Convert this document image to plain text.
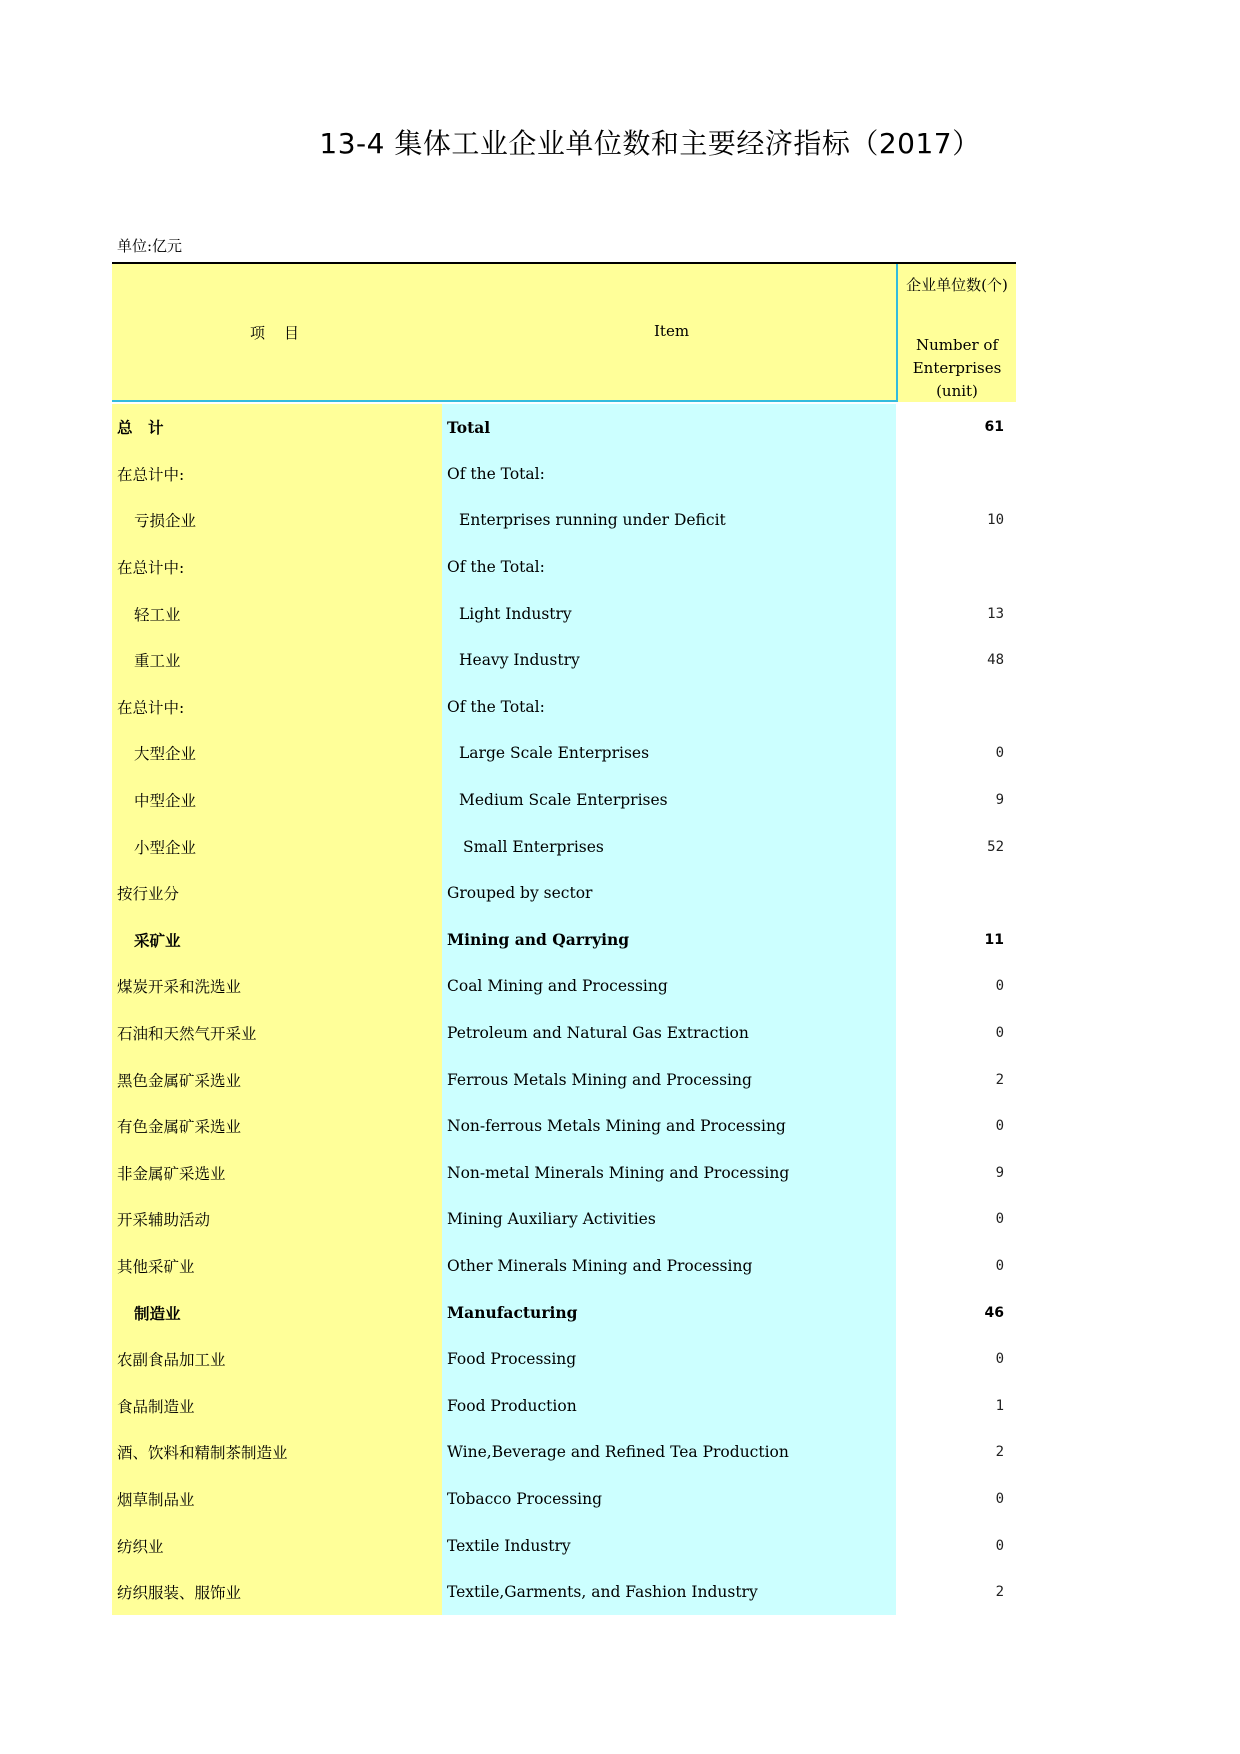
13-4 集体工业企业单位数和主要经济指标（2017）
单位:亿元
项　目	Item
企业单位数(个)
Number of
Enterprises
(unit)
总　计	Total	61
在总计中:	Of the Total:
亏损企业	Enterprises running under Deficit	10
在总计中:	Of the Total:
轻工业	Light Industry	13
重工业	Heavy Industry	48
在总计中:	Of the Total:
大型企业	Large Scale Enterprises	0
中型企业	Medium Scale Enterprises	9
小型企业	Small Enterprises	52
按行业分	Grouped by sector
采矿业	Mining and Qarrying	11
煤炭开采和洗选业	Coal Mining and Processing	0
石油和天然气开采业	Petroleum and Natural Gas Extraction	0
黑色金属矿采选业	Ferrous Metals Mining and Processing	2
有色金属矿采选业	Non-ferrous Metals Mining and Processing	0
非金属矿采选业	Non-metal Minerals Mining and Processing	9
开采辅助活动	Mining Auxiliary Activities	0
其他采矿业	Other Minerals Mining and Processing	0
制造业	Manufacturing	46
农副食品加工业	Food Processing	0
食品制造业	Food Production	1
酒、饮料和精制茶制造业	Wine,Beverage and Refined Tea Production	2
烟草制品业	Tobacco Processing	0
纺织业	Textile Industry	0
纺织服装、服饰业	Textile,Garments, and Fashion Industry	2
